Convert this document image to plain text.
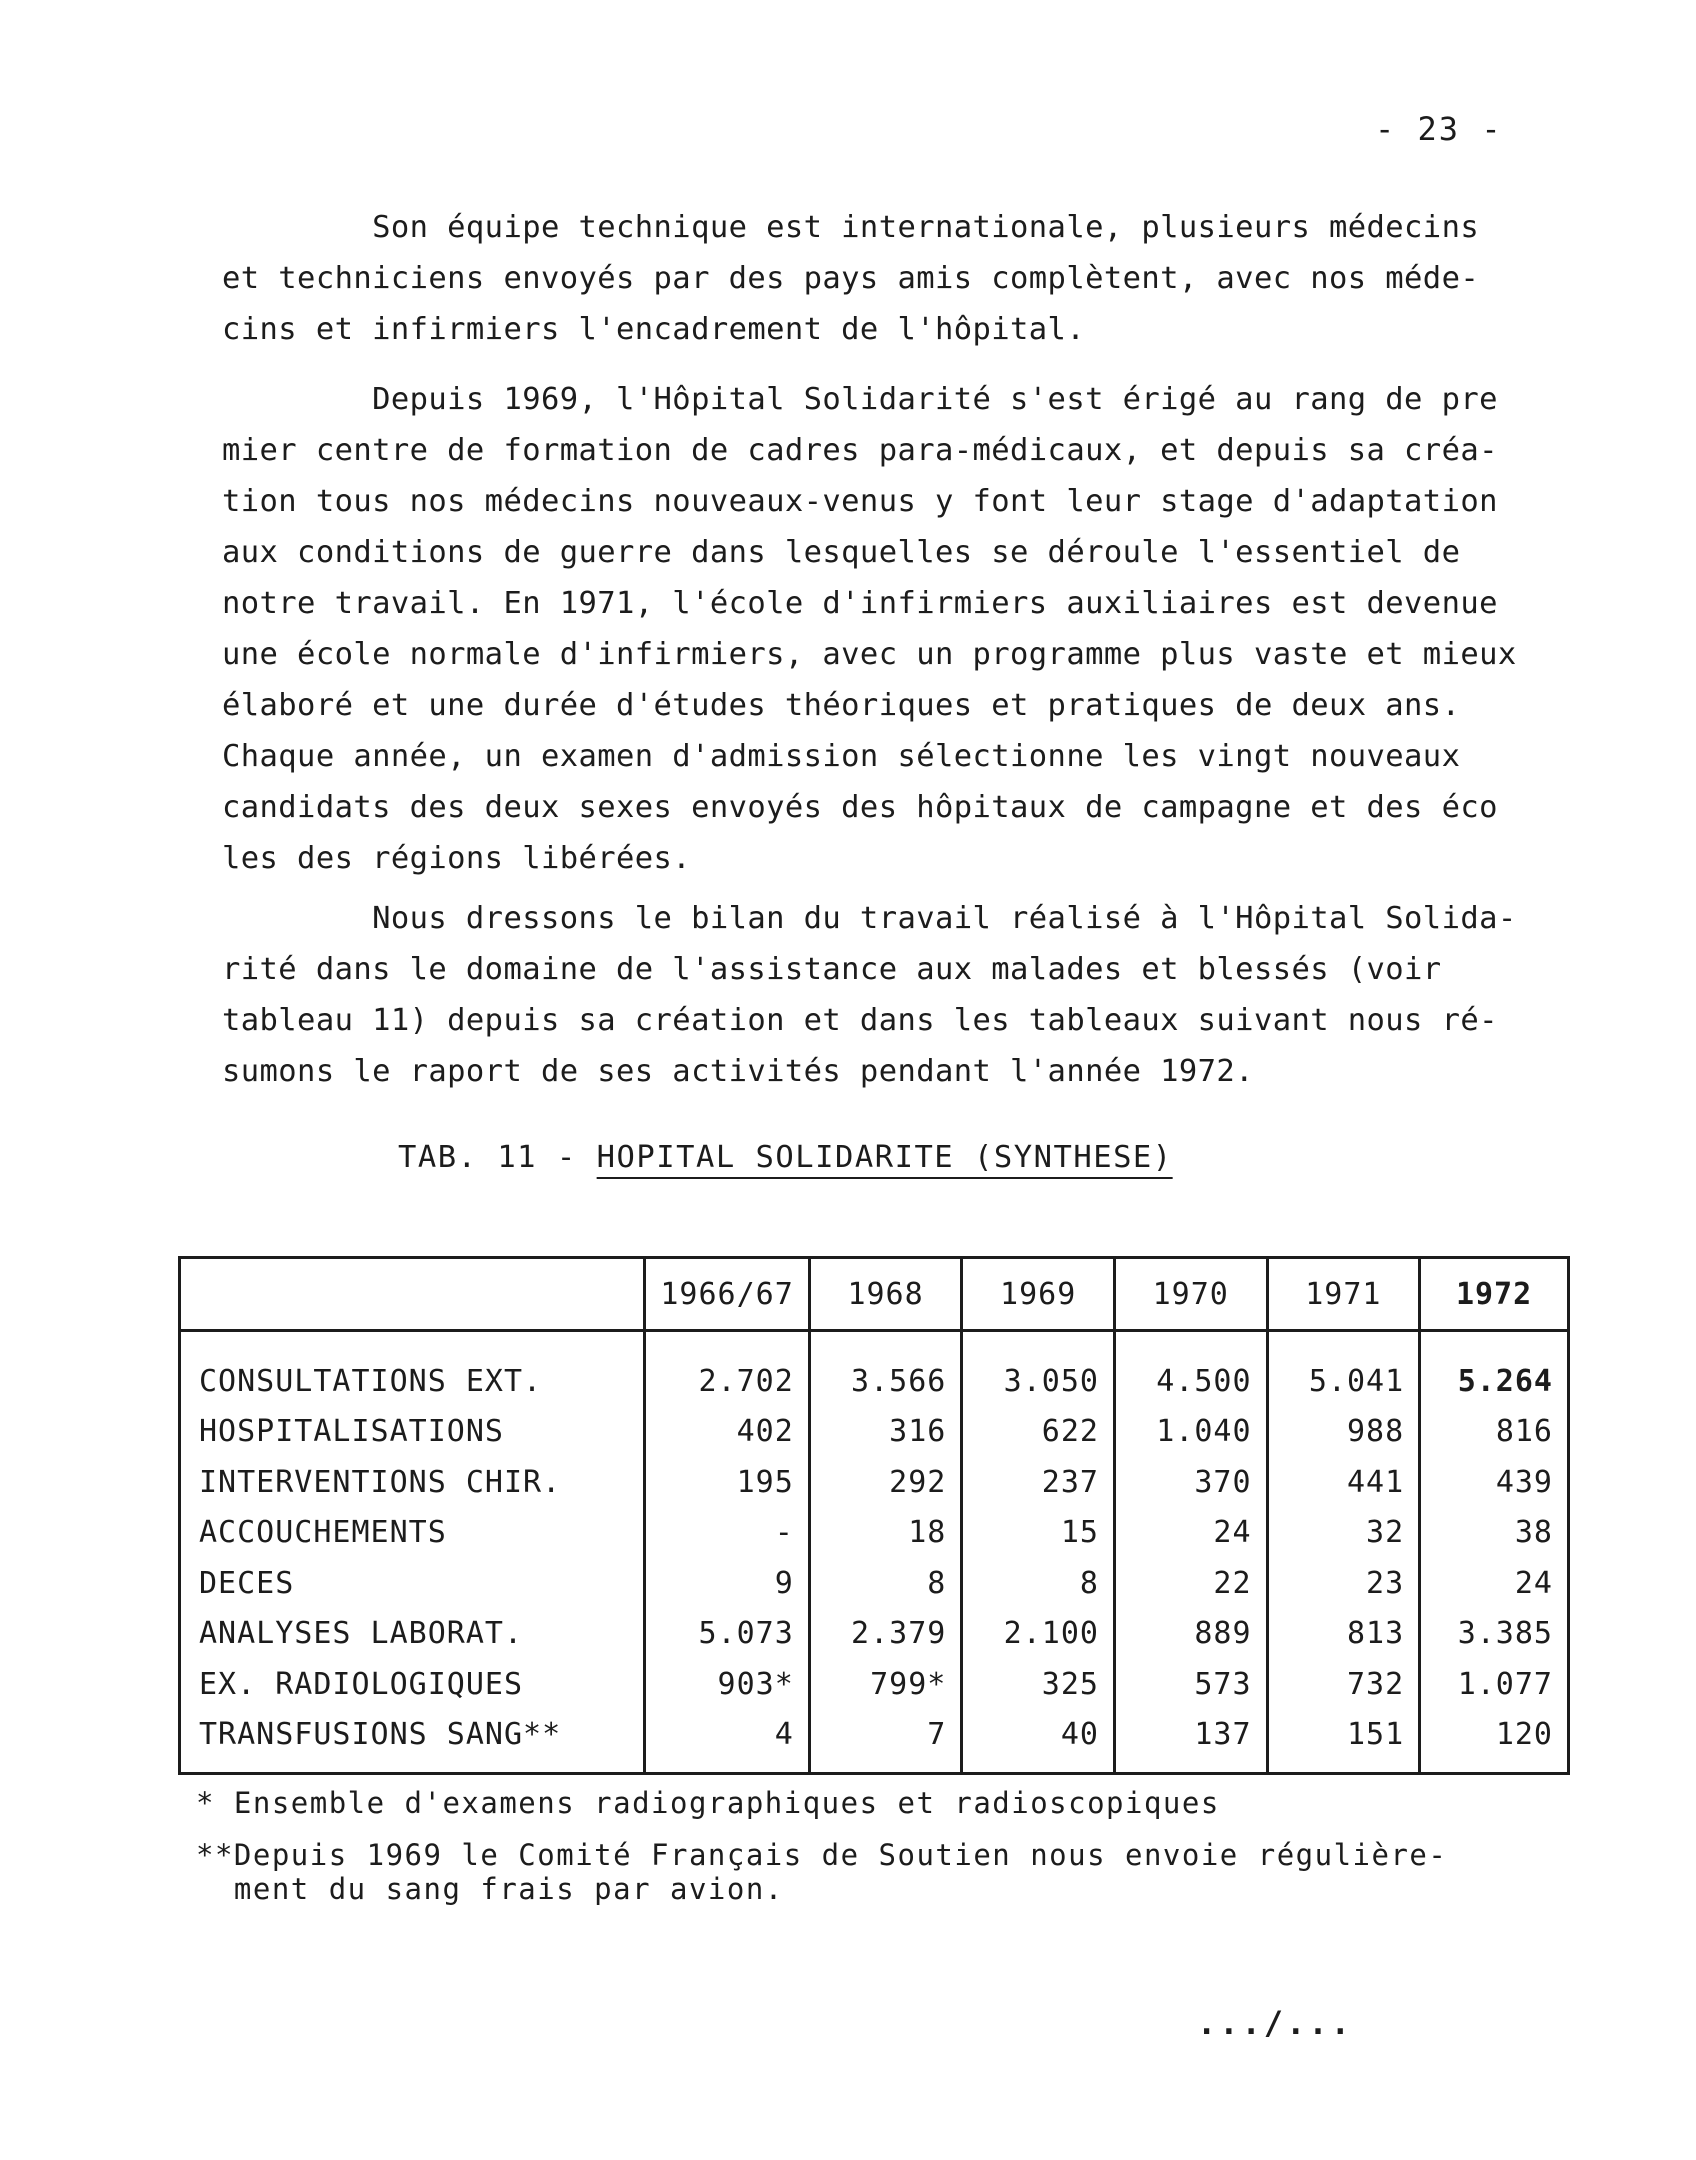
- 23 -

Son équipe technique est internationale, plusieurs médecins
et techniciens envoyés par des pays amis complètent, avec nos méde-
cins et infirmiers l'encadrement de l'hôpital.

Depuis 1969, l'Hôpital Solidarité s'est érigé au rang de pre
mier centre de formation de cadres para-médicaux, et depuis sa créa-
tion tous nos médecins nouveaux-venus y font leur stage d'adaptation
aux conditions de guerre dans lesquelles se déroule l'essentiel de
notre travail. En 1971, l'école d'infirmiers auxiliaires est devenue
une école normale d'infirmiers, avec un programme plus vaste et mieux
élaboré et une durée d'études théoriques et pratiques de deux ans.
Chaque année, un examen d'admission sélectionne les vingt nouveaux
candidats des deux sexes envoyés des hôpitaux de campagne et des éco
les des régions libérées.

Nous dressons le bilan du travail réalisé à l'Hôpital Solida-
rité dans le domaine de l'assistance aux malades et blessés (voir
tableau 11) depuis sa création et dans les tableaux suivant nous ré-
sumons le raport de ses activités pendant l'année 1972.

TAB. 11 - HOPITAL SOLIDARITE (SYNTHESE)
	1966/67	1968	1969	1970	1971	1972
CONSULTATIONS EXT.	2.702	3.566	3.050	4.500	5.041	5.264
HOSPITALISATIONS	402	316	622	1.040	988	816
INTERVENTIONS CHIR.	195	292	237	370	441	439
ACCOUCHEMENTS	-	18	15	24	32	38
DECES	9	8	8	22	23	24
ANALYSES LABORAT.	5.073	2.379	2.100	889	813	3.385
EX. RADIOLOGIQUES	903*	799*	325	573	732	1.077
TRANSFUSIONS SANG**	4	7	40	137	151	120
* Ensemble d'examens radiographiques et radioscopiques
**Depuis 1969 le Comité Français de Soutien nous envoie régulière-
ment du sang frais par avion.
.../...
